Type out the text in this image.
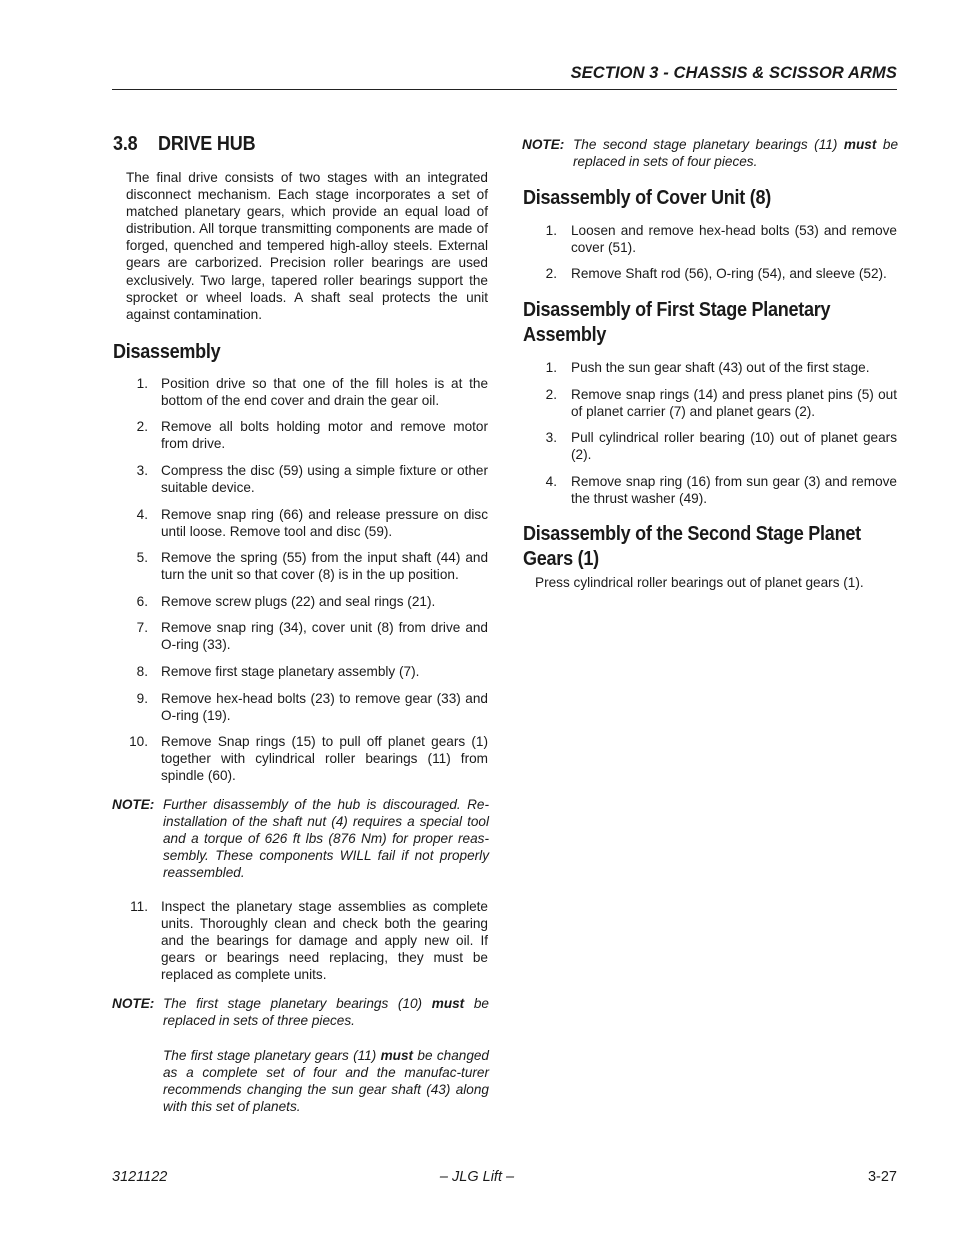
SECTION 3 - CHASSIS & SCISSOR ARMS
3.8 DRIVE HUB

The final drive consists of two stages with an integrated disconnect mechanism. Each stage incorporates a set of matched planetary gears, which provide an equal load of distribution. All torque transmitting components are made of forged, quenched and tempered high-alloy steels. External gears are carborized. Precision roller bearings are used exclusively. Two large, tapered roller bearings support the sprocket or wheel loads. A shaft seal protects the unit against contamination.

Disassembly
1. Position drive so that one of the fill holes is at the bottom of the end cover and drain the gear oil.
2. Remove all bolts holding motor and remove motor from drive.
3. Compress the disc (59) using a simple fixture or other suitable device.
4. Remove snap ring (66) and release pressure on disc until loose. Remove tool and disc (59).
5. Remove the spring (55) from the input shaft (44) and turn the unit so that cover (8) is in the up position.
6. Remove screw plugs (22) and seal rings (21).
7. Remove snap ring (34), cover unit (8) from drive and O-ring (33).
8. Remove first stage planetary assembly (7).
9. Remove hex-head bolts (23) to remove gear (33) and O-ring (19).
10. Remove Snap rings (15) to pull off planet gears (1) together with cylindrical roller bearings (11) from spindle (60).
NOTE: Further disassembly of the hub is discouraged. Re-installation of the shaft nut (4) requires a special tool and a torque of 626 ft lbs (876 Nm) for proper reas-sembly. These components WILL fail if not properly reassembled.
11. Inspect the planetary stage assemblies as complete units. Thoroughly clean and check both the gearing and the bearings for damage and apply new oil. If gears or bearings need replacing, they must be replaced as complete units.
NOTE: The first stage planetary bearings (10) must be replaced in sets of three pieces.
The first stage planetary gears (11) must be changed as a complete set of four and the manufac-turer recommends changing the sun gear shaft (43) along with this set of planets.
NOTE: The second stage planetary bearings (11) must be replaced in sets of four pieces.
Disassembly of Cover Unit (8)
1. Loosen and remove hex-head bolts (53) and remove cover (51).
2. Remove Shaft rod (56), O-ring (54), and sleeve (52).
Disassembly of First Stage Planetary
Assembly
1. Push the sun gear shaft (43) out of the first stage.
2. Remove snap rings (14) and press planet pins (5) out of planet carrier (7) and planet gears (2).
3. Pull cylindrical roller bearing (10) out of planet gears (2).
4. Remove snap ring (16) from sun gear (3) and remove the thrust washer (49).
Disassembly of the Second Stage Planet
Gears (1)

Press cylindrical roller bearings out of planet gears (1).

3121122	– JLG Lift –	3-27
